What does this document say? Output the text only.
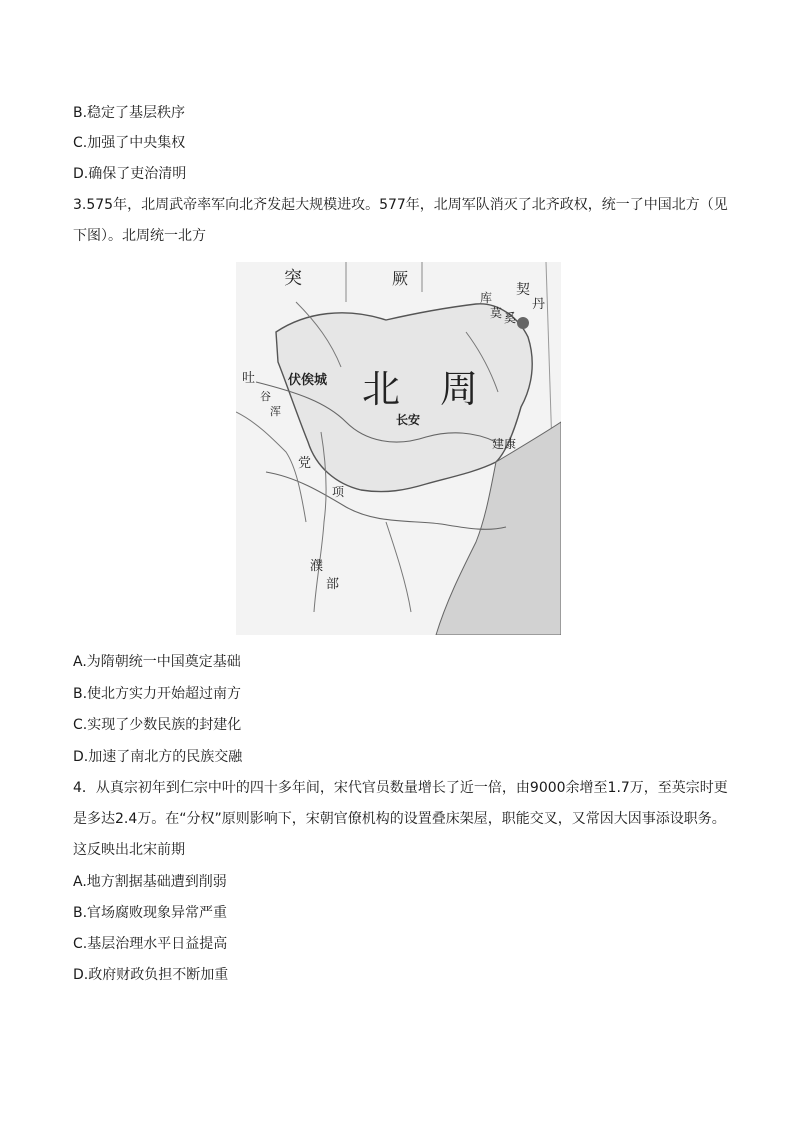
B.稳定了基层秩序
C.加强了中央集权
D.确保了吏治清明
3.575年，北周武帝率军向北齐发起大规模进攻。577年，北周军队消灭了北齐政权，统一了中国北方（见
下图）。北周统一北方
突	厥
库
莫 奚
契
丹
吐
谷
浑
伏俟城 北 周
长安
建康
党
项
濮
部
A.为隋朝统一中国奠定基础
B.使北方实力开始超过南方
C.实现了少数民族的封建化
D.加速了南北方的民族交融
4．从真宗初年到仁宗中叶的四十多年间，宋代官员数量增长了近一倍，由9000余增至1.7万，至英宗时更
是多达2.4万。在“分权”原则影响下，宋朝官僚机构的设置叠床架屋，职能交叉，又常因大因事添设职务。
这反映出北宋前期
A.地方割据基础遭到削弱
B.官场腐败现象异常严重
C.基层治理水平日益提高
D.政府财政负担不断加重
